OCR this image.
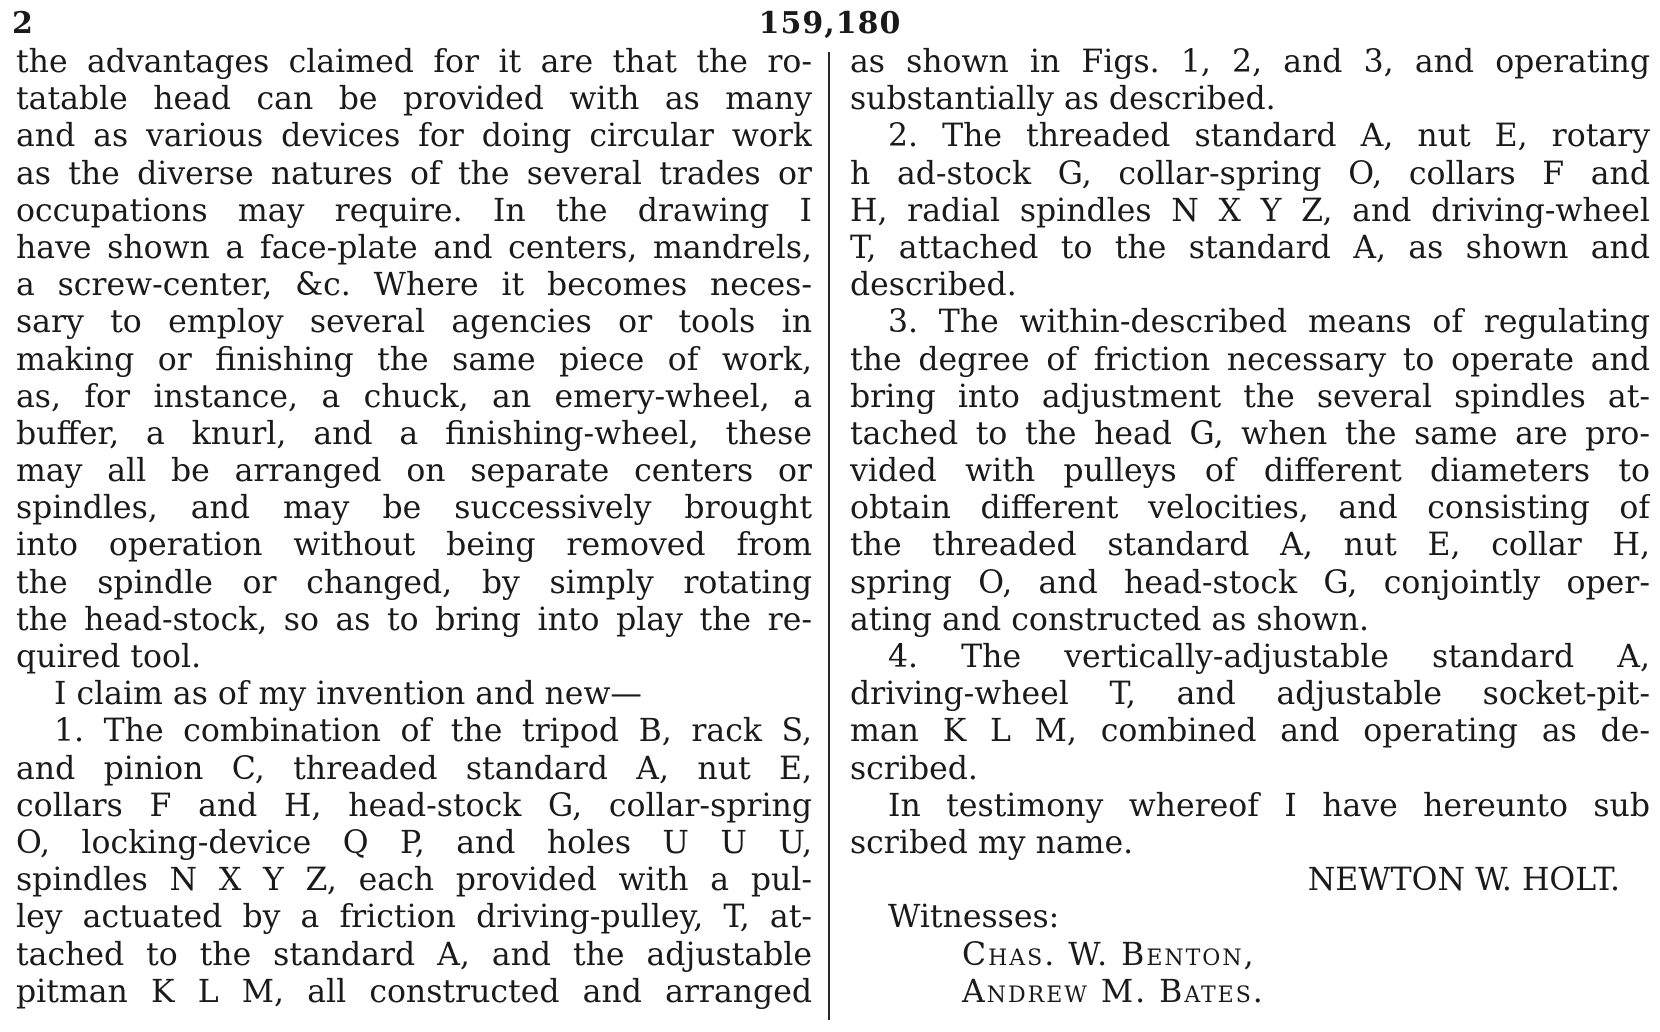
2	159,180
the advantages claimed for it are that the ro-
tatable head can be provided with as many
and as various devices for doing circular work
as the diverse natures of the several trades or
occupations may require. In the drawing I
have shown a face-plate and centers, mandrels,
a screw-center, &c. Where it becomes neces-
sary to employ several agencies or tools in
making or finishing the same piece of work,
as, for instance, a chuck, an emery-wheel, a
buffer, a knurl, and a finishing-wheel, these
may all be arranged on separate centers or
spindles, and may be successively brought
into operation without being removed from
the spindle or changed, by simply rotating
the head-stock, so as to bring into play the re-
quired tool.
I claim as of my invention and new—
1. The combination of the tripod B, rack S,
and pinion C, threaded standard A, nut E,
collars F and H, head-stock G, collar-spring
O, locking-device Q P, and holes U U U,
spindles N X Y Z, each provided with a pul-
ley actuated by a friction driving-pulley, T, at-
tached to the standard A, and the adjustable
pitman K L M, all constructed and arranged
as shown in Figs. 1, 2, and 3, and operating
substantially as described.
2. The threaded standard A, nut E, rotary
h ad-stock G, collar-spring O, collars F and
H, radial spindles N X Y Z, and driving-wheel
T, attached to the standard A, as shown and
described.
3. The within-described means of regulating
the degree of friction necessary to operate and
bring into adjustment the several spindles at-
tached to the head G, when the same are pro-
vided with pulleys of different diameters to
obtain different velocities, and consisting of
the threaded standard A, nut E, collar H,
spring O, and head-stock G, conjointly oper-
ating and constructed as shown.
4. The vertically-adjustable standard A,
driving-wheel T, and adjustable socket-pit-
man K L M, combined and operating as de-
scribed.
In testimony whereof I have hereunto sub
scribed my name.
NEWTON W. HOLT.
Witnesses:
Chas. W. Benton,
Andrew M. Bates.
